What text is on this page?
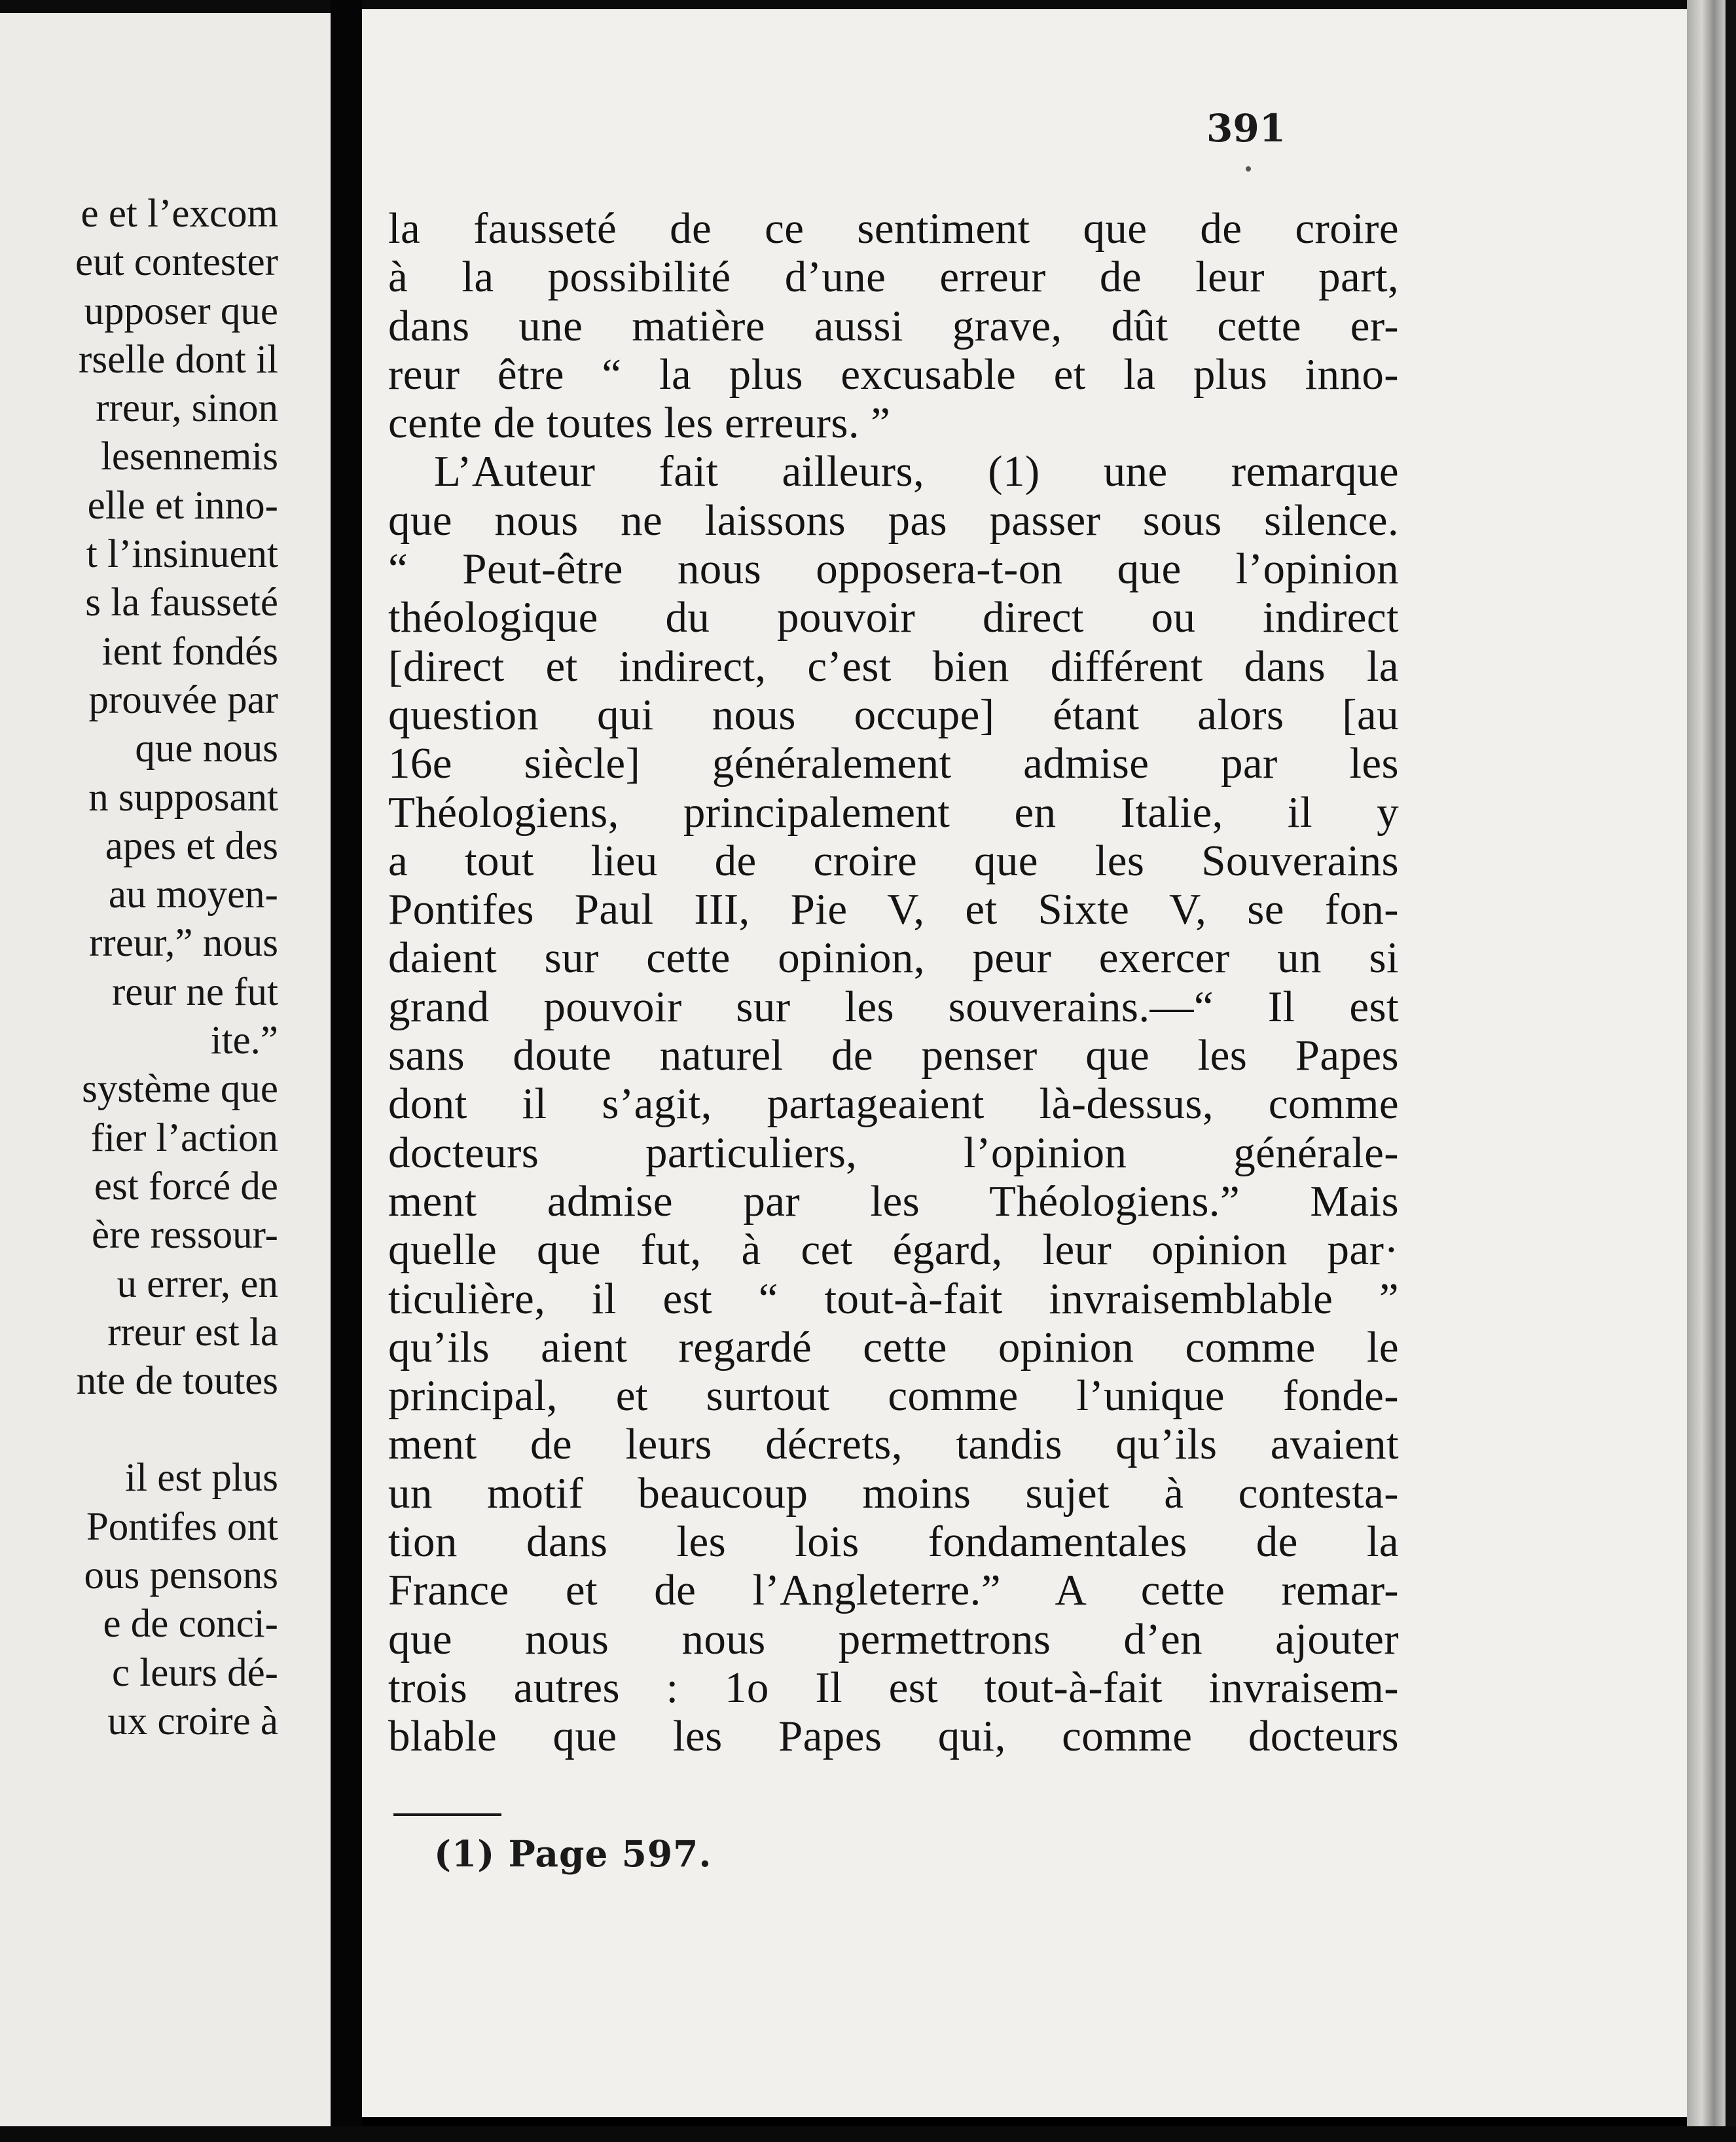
e et l’excom
eut contester
upposer que
rselle dont il
rreur, sinon
lesennemis
elle et inno-
t l’insinuent
s la fausseté
ient fondés
prouvée par
que nous
n supposant
apes et des
au moyen-
rreur,” nous
reur ne fut
ite.”
système que
fier l’action
est forcé de
ère ressour-
u errer, en
rreur est la
nte de toutes
il est plus
Pontifes ont
ous pensons
e de conci-
c leurs dé-
ux croire à
391
la fausseté de ce sentiment que de croire
à la possibilité d’une erreur de leur part,
dans une matière aussi grave, dût cette er-
reur être “ la plus excusable et la plus inno-
cente de toutes les erreurs. ”
L’Auteur fait ailleurs, (1) une remarque
que nous ne laissons pas passer sous silence.
“ Peut-être nous opposera-t-on que l’opinion
théologique du pouvoir direct ou indirect
[direct et indirect, c’est bien différent dans la
question qui nous occupe] étant alors [au
16e siècle] généralement admise par les
Théologiens, principalement en Italie, il y
a tout lieu de croire que les Souverains
Pontifes Paul III, Pie V, et Sixte V, se fon-
daient sur cette opinion, peur exercer un si
grand pouvoir sur les souverains.—“ Il est
sans doute naturel de penser que les Papes
dont il s’agit, partageaient là-dessus, comme
docteurs particuliers, l’opinion générale-
ment admise par les Théologiens.” Mais
quelle que fut, à cet égard, leur opinion par·
ticulière, il est “ tout-à-fait invraisemblable ”
qu’ils aient regardé cette opinion comme le
principal, et surtout comme l’unique fonde-
ment de leurs décrets, tandis qu’ils avaient
un motif beaucoup moins sujet à contesta-
tion dans les lois fondamentales de la
France et de l’Angleterre.” A cette remar-
que nous nous permettrons d’en ajouter
trois autres : 1o Il est tout-à-fait invraisem-
blable que les Papes qui, comme docteurs
(1) Page 597.
